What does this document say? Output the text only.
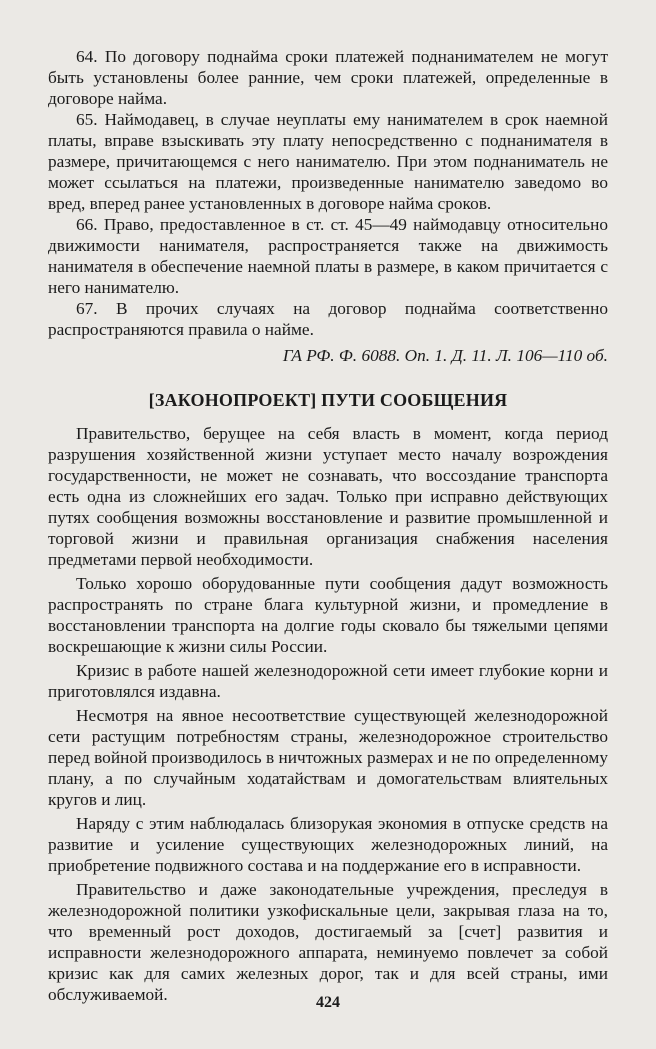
64. По договору поднайма сроки платежей поднанимателем не могут быть установлены более ранние, чем сроки платежей, определенные в договоре найма.

65. Наймодавец, в случае неуплаты ему нанимателем в срок наемной платы, вправе взыскивать эту плату непосредственно с поднанимателя в размере, причитающемся с него нанимателю. При этом поднаниматель не может ссылаться на платежи, произведенные нанимателю заведомо во вред, вперед ранее установленных в договоре найма сроков.

66. Право, предоставленное в ст. ст. 45—49 наймодавцу относительно движимости нанимателя, распространяется также на движимость нанимателя в обеспечение наемной платы в размере, в каком причитается с него нанимателю.

67. В прочих случаях на договор поднайма соответственно распространяются правила о найме.

ГА РФ. Ф. 6088. Оп. 1. Д. 11. Л. 106—110 об.

[ЗАКОНОПРОЕКТ] ПУТИ СООБЩЕНИЯ

Правительство, берущее на себя власть в момент, когда период разрушения хозяйственной жизни уступает место началу возрождения государственности, не может не сознавать, что воссоздание транспорта есть одна из сложнейших его задач. Только при исправно действующих путях сообщения возможны восстановление и развитие промышленной и торговой жизни и правильная организация снабжения населения предметами первой необходимости.

Только хорошо оборудованные пути сообщения дадут возможность распространять по стране блага культурной жизни, и промедление в восстановлении транспорта на долгие годы сковало бы тяжелыми цепями воскрешающие к жизни силы России.

Кризис в работе нашей железнодорожной сети имеет глубокие корни и приготовлялся издавна.

Несмотря на явное несоответствие существующей железнодорожной сети растущим потребностям страны, железнодорожное строительство перед войной производилось в ничтожных размерах и не по определенному плану, а по случайным ходатайствам и домогательствам влиятельных кругов и лиц.

Наряду с этим наблюдалась близорукая экономия в отпуске средств на развитие и усиление существующих железнодорожных линий, на приобретение подвижного состава и на поддержание его в исправности.

Правительство и даже законодательные учреждения, преследуя в железнодорожной политики узкофискальные цели, закрывая глаза на то, что временный рост доходов, достигаемый за [счет] развития и исправности железнодорожного аппарата, неминуемо повлечет за собой кризис как для самих железных дорог, так и для всей страны, ими обслуживаемой.	424
